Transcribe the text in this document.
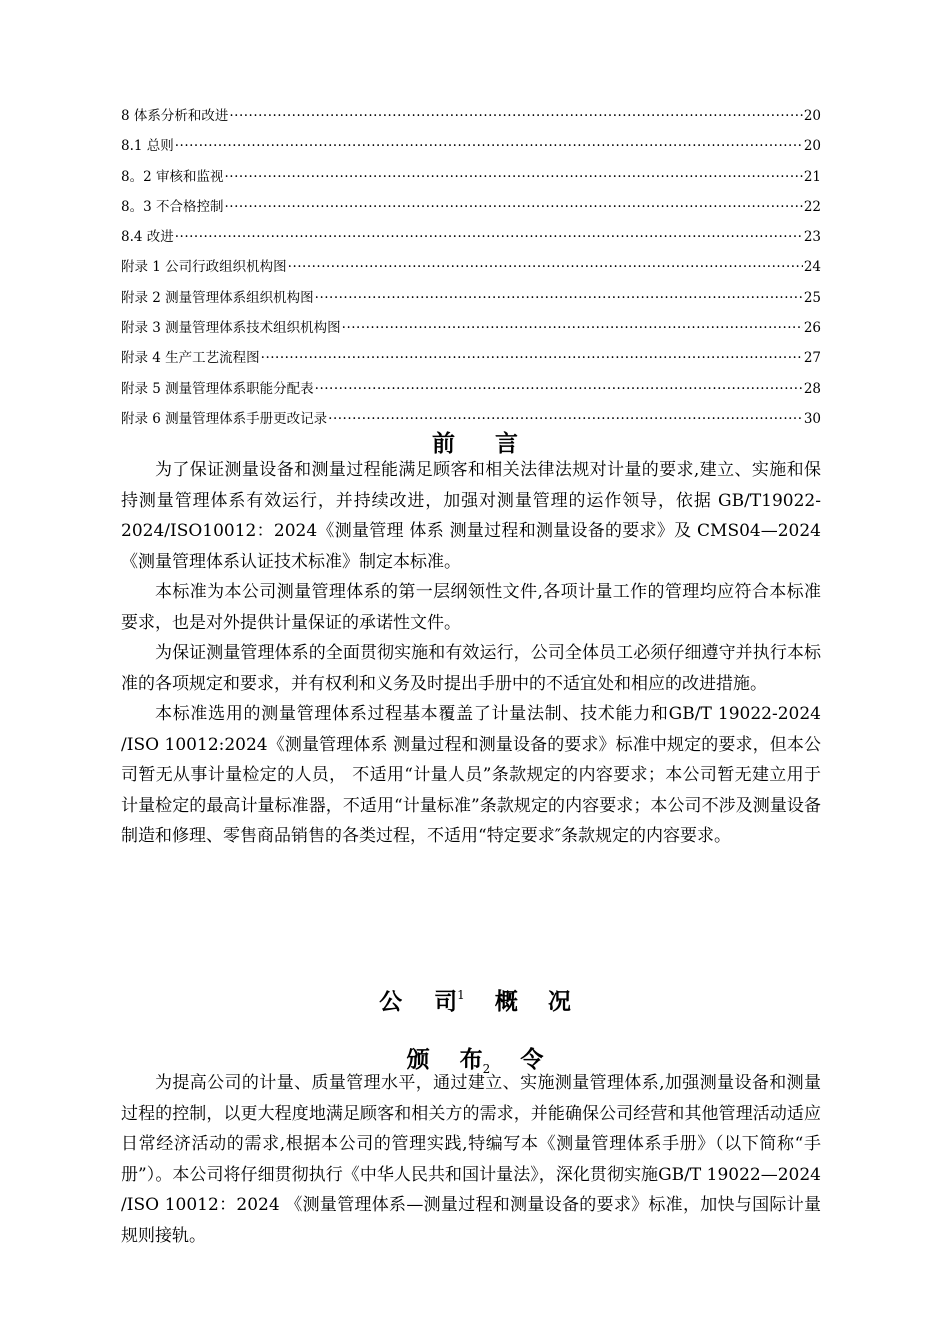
8 体系分析和改进 ·····	20
8.1 总则 ·····	20
8。2 审核和监视 ·····	21
8。3 不合格控制 ·····	22
8.4 改进 ·····	23
附录 1 公司行政组织机构图 ·····	24
附录 2 测量管理体系组织机构图 ·····	25
附录 3 测量管理体系技术组织机构图 ·····	26
附录 4 生产工艺流程图 ·····	27
附录 5 测量管理体系职能分配表 ·····	28
附录 6 测量管理体系手册更改记录 ·····	30
前言

为了保证测量设备和测量过程能满足顾客和相关法律法规对计量的要求,建立、实施和保持测量管理体系有效运行，并持续改进，加强对测量管理的运作领导，依据 GB/T19022-2024/ISO10012：2024《测量管理 体系 测量过程和测量设备的要求》及 CMS04—2024《测量管理体系认证技术标准》制定本标准。

本标准为本公司测量管理体系的第一层纲领性文件,各项计量工作的管理均应符合本标准要求，也是对外提供计量保证的承诺性文件。

为保证测量管理体系的全面贯彻实施和有效运行，公司全体员工必须仔细遵守并执行本标准的各项规定和要求，并有权利和义务及时提出手册中的不适宜处和相应的改进措施。

本标准选用的测量管理体系过程基本覆盖了计量法制、技术能力和GB/T 19022-2024 /ISO 10012:2024《测量管理体系 测量过程和测量设备的要求》标准中规定的要求，但本公司暂无从事计量检定的人员， 不适用“计量人员”条款规定的内容要求；本公司暂无建立用于计量检定的最高计量标准器，不适用“计量标准”条款规定的内容要求；本公司不涉及测量设备制造和修理、零售商品销售的各类过程，不适用“特定要求″条款规定的内容要求。

公 司1 概 况
颁 布$_2$ 令

为提高公司的计量、质量管理水平，通过建立、实施测量管理体系,加强测量设备和测量过程的控制，以更大程度地满足顾客和相关方的需求，并能确保公司经营和其他管理活动适应日常经济活动的需求,根据本公司的管理实践,特编写本《测量管理体系手册》（以下简称“手册”）。本公司将仔细贯彻执行《中华人民共和国计量法》，深化贯彻实施GB/T 19022—2024 /ISO 10012：2024 《测量管理体系—测量过程和测量设备的要求》标准，加快与国际计量规则接轨。
